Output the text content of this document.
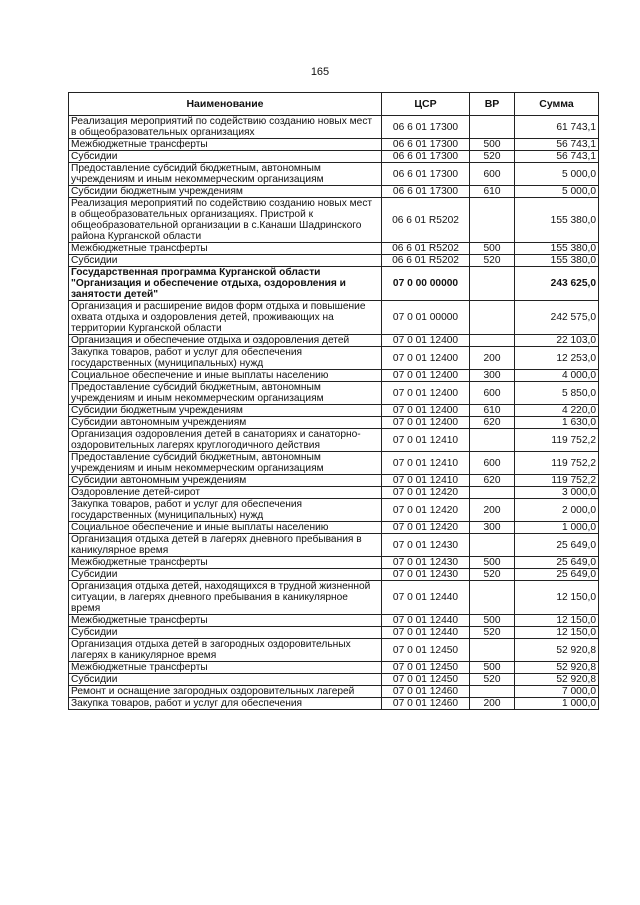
165
Наименование	ЦСР	ВР	Сумма
Реализация мероприятий по содействию созданию новых мест в общеобразовательных организациях	06 6 01 17300		61 743,1
Межбюджетные трансферты	06 6 01 17300	500	56 743,1
Субсидии	06 6 01 17300	520	56 743,1
Предоставление субсидий бюджетным, автономным учреждениям и иным некоммерческим организациям	06 6 01 17300	600	5 000,0
Субсидии бюджетным учреждениям	06 6 01 17300	610	5 000,0
Реализация мероприятий по содействию созданию новых мест в общеобразовательных организациях. Пристрой к общеобразовательной организации в с.Канаши Шадринского района Курганской области	06 6 01 R5202		155 380,0
Межбюджетные трансферты	06 6 01 R5202	500	155 380,0
Субсидии	06 6 01 R5202	520	155 380,0
Государственная программа Курганской области "Организация и обеспечение отдыха, оздоровления и занятости детей"	07 0 00 00000		243 625,0
Организация и расширение видов форм отдыха и повышение охвата отдыха и оздоровления детей, проживающих на территории Курганской области	07 0 01 00000		242 575,0
Организация и обеспечение отдыха и оздоровления детей	07 0 01 12400		22 103,0
Закупка товаров, работ и услуг для обеспечения государственных (муниципальных) нужд	07 0 01 12400	200	12 253,0
Социальное обеспечение и иные выплаты населению	07 0 01 12400	300	4 000,0
Предоставление субсидий бюджетным, автономным учреждениям и иным некоммерческим организациям	07 0 01 12400	600	5 850,0
Субсидии бюджетным учреждениям	07 0 01 12400	610	4 220,0
Субсидии автономным учреждениям	07 0 01 12400	620	1 630,0
Организация оздоровления детей в санаториях и санаторно-оздоровительных лагерях круглогодичного действия	07 0 01 12410		119 752,2
Предоставление субсидий бюджетным, автономным учреждениям и иным некоммерческим организациям	07 0 01 12410	600	119 752,2
Субсидии автономным учреждениям	07 0 01 12410	620	119 752,2
Оздоровление детей-сирот	07 0 01 12420		3 000,0
Закупка товаров, работ и услуг для обеспечения государственных (муниципальных) нужд	07 0 01 12420	200	2 000,0
Социальное обеспечение и иные выплаты населению	07 0 01 12420	300	1 000,0
Организация отдыха детей в лагерях дневного пребывания в каникулярное время	07 0 01 12430		25 649,0
Межбюджетные трансферты	07 0 01 12430	500	25 649,0
Субсидии	07 0 01 12430	520	25 649,0
Организация отдыха детей, находящихся в трудной жизненной ситуации, в лагерях дневного пребывания в каникулярное время	07 0 01 12440		12 150,0
Межбюджетные трансферты	07 0 01 12440	500	12 150,0
Субсидии	07 0 01 12440	520	12 150,0
Организация отдыха детей в загородных оздоровительных лагерях в каникулярное время	07 0 01 12450		52 920,8
Межбюджетные трансферты	07 0 01 12450	500	52 920,8
Субсидии	07 0 01 12450	520	52 920,8
Ремонт и оснащение загородных оздоровительных лагерей	07 0 01 12460		7 000,0
Закупка товаров, работ и услуг для обеспечения	07 0 01 12460	200	1 000,0
